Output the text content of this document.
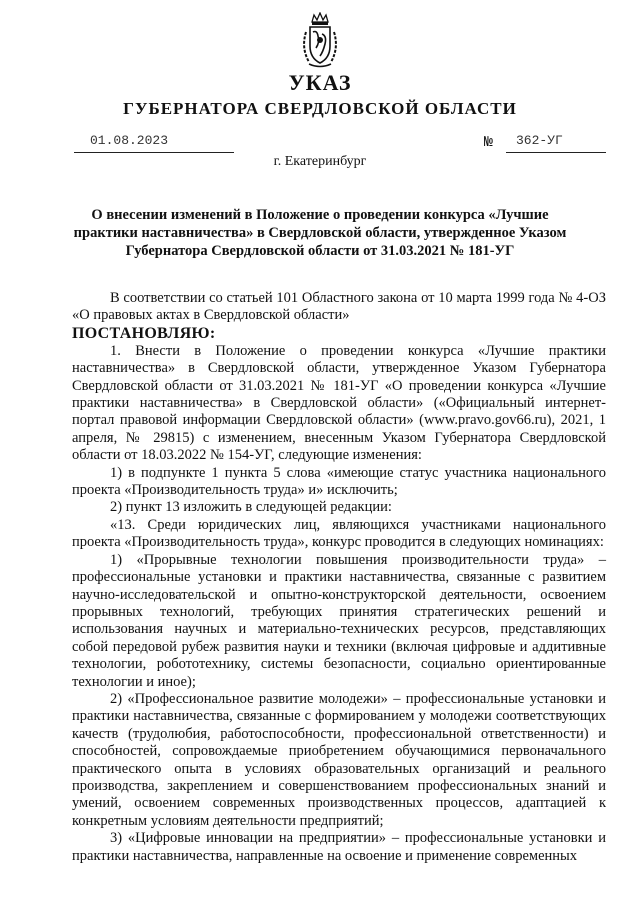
УКАЗ
ГУБЕРНАТОРА СВЕРДЛОВСКОЙ ОБЛАСТИ
01.08.2023	№ 362-УГ
г. Екатеринбург
О внесении изменений в Положение о проведении конкурса «Лучшие практики наставничества» в Свердловской области, утвержденное Указом Губернатора Свердловской области от 31.03.2021 № 181-УГ

В соответствии со статьей 101 Областного закона от 10 марта 1999 года № 4-ОЗ «О правовых актах в Свердловской области»

ПОСТАНОВЛЯЮ:

1. Внести в Положение о проведении конкурса «Лучшие практики наставничества» в Свердловской области, утвержденное Указом Губернатора Свердловской области от 31.03.2021 № 181-УГ «О проведении конкурса «Лучшие практики наставничества» в Свердловской области» («Официальный интернет-портал правовой информации Свердловской области» (www.pravo.gov66.ru), 2021, 1 апреля, № 29815) с изменением, внесенным Указом Губернатора Свердловской области от 18.03.2022 № 154-УГ, следующие изменения:

1) в подпункте 1 пункта 5 слова «имеющие статус участника национального проекта «Производительность труда» и» исключить;

2) пункт 13 изложить в следующей редакции:

«13. Среди юридических лиц, являющихся участниками национального проекта «Производительность труда», конкурс проводится в следующих номинациях:

1) «Прорывные технологии повышения производительности труда» – профессиональные установки и практики наставничества, связанные с развитием научно-исследовательской и опытно-конструкторской деятельности, освоением прорывных технологий, требующих принятия стратегических решений и использования научных и материально-технических ресурсов, представляющих собой передовой рубеж развития науки и техники (включая цифровые и аддитивные технологии, робототехнику, системы безопасности, социально ориентированные технологии и иное);

2) «Профессиональное развитие молодежи» – профессиональные установки и практики наставничества, связанные с формированием у молодежи соответствующих качеств (трудолюбия, работоспособности, профессиональной ответственности) и способностей, сопровождаемые приобретением обучающимися первоначального практического опыта в условиях образовательных организаций и реального производства, закреплением и совершенствованием профессиональных знаний и умений, освоением современных производственных процессов, адаптацией к конкретным условиям деятельности предприятий;

3) «Цифровые инновации на предприятии» – профессиональные установки и практики наставничества, направленные на освоение и применение современных
